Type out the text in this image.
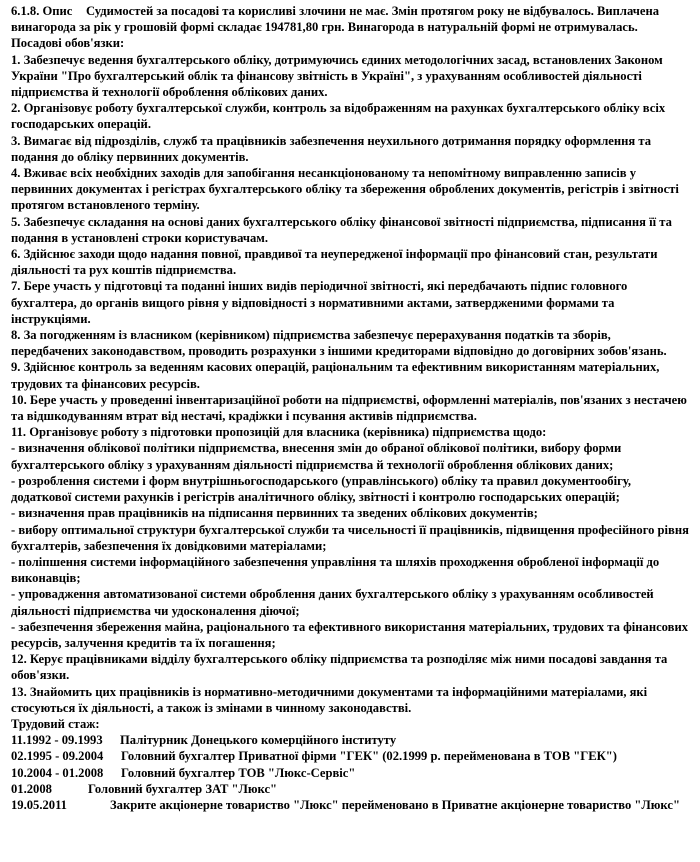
6.1.8. Опис Судимостей за посадові та корисливі злочини не має. Змін протягом року не відбувалось. Виплачена винагорода за рік у грошовій формі складає 194781,80 грн. Винагорода в натуральній формі не отримувалась.
Посадові обов'язки:
1. Забезпечує ведення бухгалтерського обліку, дотримуючись єдиних методологічних засад, встановлених Законом України "Про бухгалтерський облік та фінансову звітність в Україні", з урахуванням особливостей діяльності підприємства й технології оброблення облікових даних.
2. Організовує роботу бухгалтерської служби, контроль за відображенням на рахунках бухгалтерського обліку всіх господарських операцій.
3. Вимагає від підрозділів, служб та працівників забезпечення неухильного дотримання порядку оформлення та подання до обліку первинних документів.
4. Вживає всіх необхідних заходів для запобігання несанкціонованому та непомітному виправленню записів у первинних документах і регістрах бухгалтерського обліку та збереження оброблених документів, регістрів і звітності протягом встановленого терміну.
5. Забезпечує складання на основі даних бухгалтерського обліку фінансової звітності підприємства, підписання її та подання в установлені строки користувачам.
6. Здійснює заходи щодо надання повної, правдивої та неупередженої інформації про фінансовий стан, результати діяльності та рух коштів підприємства.
7. Бере участь у підготовці та поданні інших видів періодичної звітності, які передбачають підпис головного бухгалтера, до органів вищого рівня у відповідності з нормативними актами, затвердженими формами та інструкціями.
8. За погодженням із власником (керівником) підприємства забезпечує перерахування податків та зборів, передбачених законодавством, проводить розрахунки з іншими кредиторами відповідно до договірних зобов'язань.
9. Здійснює контроль за веденням касових операцій, раціональним та ефективним використанням матеріальних, трудових та фінансових ресурсів.
10. Бере участь у проведенні інвентаризаційної роботи на підприємстві, оформленні матеріалів, пов'язаних з нестачею та відшкодуванням втрат від нестачі, крадіжки і псування активів підприємства.
11. Організовує роботу з підготовки пропозицій для власника (керівника) підприємства щодо:
- визначення облікової політики підприємства, внесення змін до обраної облікової політики, вибору форми бухгалтерського обліку з урахуванням діяльності підприємства й технології оброблення облікових даних;
- розроблення системи і форм внутрішньогосподарського (управлінського) обліку та правил документообігу, додаткової системи рахунків і регістрів аналітичного обліку, звітності і контролю господарських операцій;
- визначення прав працівників на підписання первинних та зведених облікових документів;
- вибору оптимальної структури бухгалтерської служби та чисельності її працівників, підвищення професійного рівня бухгалтерів, забезпечення їх довідковими матеріалами;
- поліпшення системи інформаційного забезпечення управління та шляхів проходження обробленої інформації до виконавців;
- упровадження автоматизованої системи оброблення даних бухгалтерського обліку з урахуванням особливостей діяльності підприємства чи удосконалення діючої;
- забезпечення збереження майна, раціонального та ефективного використання матеріальних, трудових та фінансових ресурсів, залучення кредитів та їх погашення;
12. Керує працівниками відділу бухгалтерського обліку підприємства та розподіляє між ними посадові завдання та обов'язки.
13. Знайомить цих працівників із нормативно-методичними документами та інформаційними матеріалами, які стосуються їх діяльності, а також із змінами в чинному законодавстві.
Трудовий стаж:
11.1992 - 09.1993	Палітурник Донецького комерційного інституту
02.1995 - 09.2004	Головний бухгалтер Приватної фірми "ГЕК" (02.1999 р. перейменована в ТОВ "ГЕК")
10.2004 - 01.2008	Головний бухгалтер ТОВ "Люкс-Сервіс"
01.2008	Головний бухгалтер ЗАТ "Люкс"
19.05.2011	Закрите акціонерне товариство "Люкс" перейменовано в Приватне акціонерне товариство "Люкс"
